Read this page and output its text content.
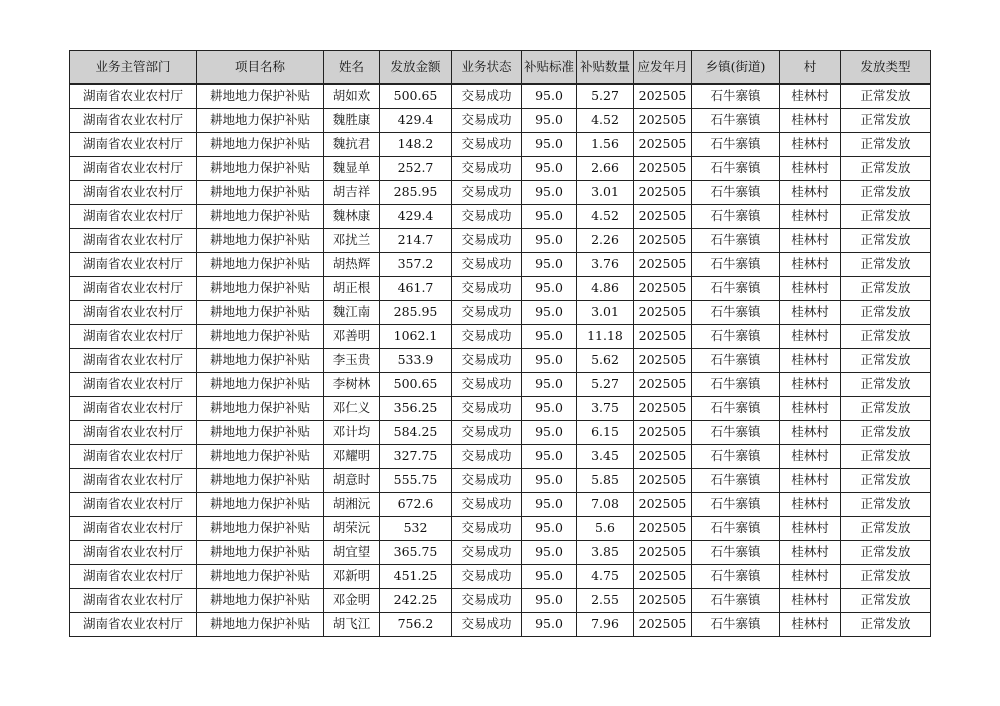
业务主管部门	项目名称	姓名	发放金额	业务状态	补贴标准	补贴数量	应发年月	乡镇(街道)	村	发放类型
湖南省农业农村厅	耕地地力保护补贴	胡如欢	500.65	交易成功	95.0	5.27	202505	石牛寨镇	桂林村	正常发放
湖南省农业农村厅	耕地地力保护补贴	魏胜康	429.4	交易成功	95.0	4.52	202505	石牛寨镇	桂林村	正常发放
湖南省农业农村厅	耕地地力保护补贴	魏抗君	148.2	交易成功	95.0	1.56	202505	石牛寨镇	桂林村	正常发放
湖南省农业农村厅	耕地地力保护补贴	魏显单	252.7	交易成功	95.0	2.66	202505	石牛寨镇	桂林村	正常发放
湖南省农业农村厅	耕地地力保护补贴	胡吉祥	285.95	交易成功	95.0	3.01	202505	石牛寨镇	桂林村	正常发放
湖南省农业农村厅	耕地地力保护补贴	魏林康	429.4	交易成功	95.0	4.52	202505	石牛寨镇	桂林村	正常发放
湖南省农业农村厅	耕地地力保护补贴	邓扰兰	214.7	交易成功	95.0	2.26	202505	石牛寨镇	桂林村	正常发放
湖南省农业农村厅	耕地地力保护补贴	胡热辉	357.2	交易成功	95.0	3.76	202505	石牛寨镇	桂林村	正常发放
湖南省农业农村厅	耕地地力保护补贴	胡正根	461.7	交易成功	95.0	4.86	202505	石牛寨镇	桂林村	正常发放
湖南省农业农村厅	耕地地力保护补贴	魏江南	285.95	交易成功	95.0	3.01	202505	石牛寨镇	桂林村	正常发放
湖南省农业农村厅	耕地地力保护补贴	邓善明	1062.1	交易成功	95.0	11.18	202505	石牛寨镇	桂林村	正常发放
湖南省农业农村厅	耕地地力保护补贴	李玉贵	533.9	交易成功	95.0	5.62	202505	石牛寨镇	桂林村	正常发放
湖南省农业农村厅	耕地地力保护补贴	李树林	500.65	交易成功	95.0	5.27	202505	石牛寨镇	桂林村	正常发放
湖南省农业农村厅	耕地地力保护补贴	邓仁义	356.25	交易成功	95.0	3.75	202505	石牛寨镇	桂林村	正常发放
湖南省农业农村厅	耕地地力保护补贴	邓计均	584.25	交易成功	95.0	6.15	202505	石牛寨镇	桂林村	正常发放
湖南省农业农村厅	耕地地力保护补贴	邓耀明	327.75	交易成功	95.0	3.45	202505	石牛寨镇	桂林村	正常发放
湖南省农业农村厅	耕地地力保护补贴	胡意时	555.75	交易成功	95.0	5.85	202505	石牛寨镇	桂林村	正常发放
湖南省农业农村厅	耕地地力保护补贴	胡湘沅	672.6	交易成功	95.0	7.08	202505	石牛寨镇	桂林村	正常发放
湖南省农业农村厅	耕地地力保护补贴	胡荣沅	532	交易成功	95.0	5.6	202505	石牛寨镇	桂林村	正常发放
湖南省农业农村厅	耕地地力保护补贴	胡宜望	365.75	交易成功	95.0	3.85	202505	石牛寨镇	桂林村	正常发放
湖南省农业农村厅	耕地地力保护补贴	邓新明	451.25	交易成功	95.0	4.75	202505	石牛寨镇	桂林村	正常发放
湖南省农业农村厅	耕地地力保护补贴	邓金明	242.25	交易成功	95.0	2.55	202505	石牛寨镇	桂林村	正常发放
湖南省农业农村厅	耕地地力保护补贴	胡飞江	756.2	交易成功	95.0	7.96	202505	石牛寨镇	桂林村	正常发放
